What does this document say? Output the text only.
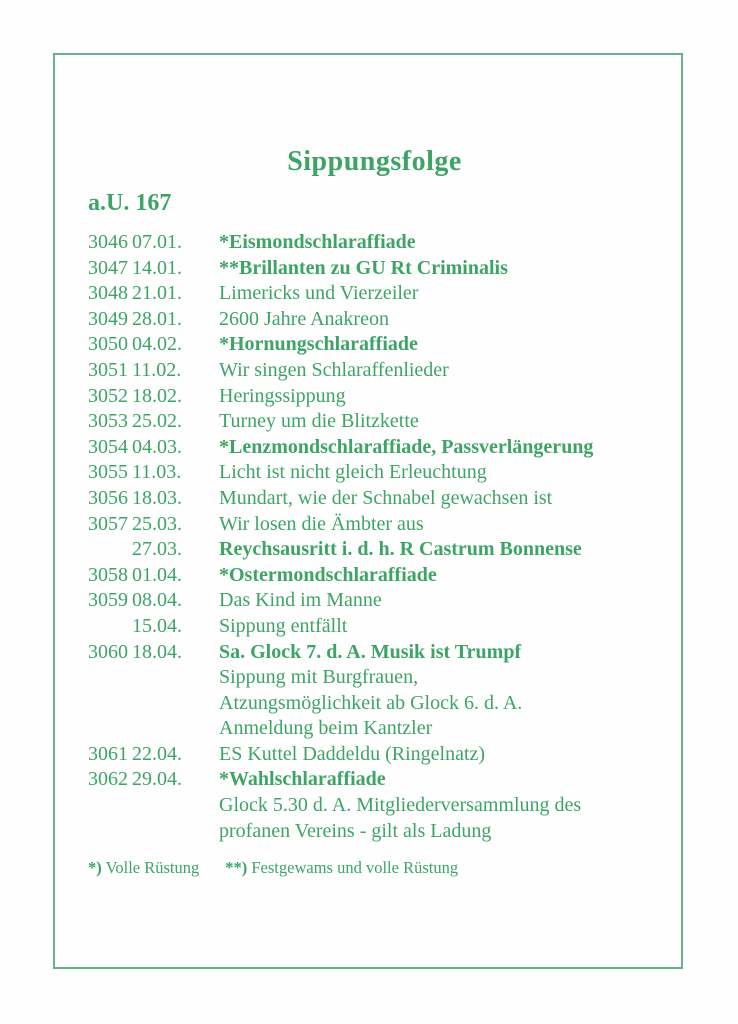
Sippungsfolge
a.U. 167
3046 07.01.	*Eismondschlaraffiade
3047 14.01.	**Brillanten zu GU Rt Criminalis
3048 21.01.	Limericks und Vierzeiler
3049 28.01.	2600 Jahre Anakreon
3050 04.02.	*Hornungschlaraffiade
3051 11.02.	Wir singen Schlaraffenlieder
3052 18.02.	Heringssippung
3053 25.02.	Turney um die Blitzkette
3054 04.03.	*Lenzmondschlaraffiade, Passverlängerung
3055 11.03.	Licht ist nicht gleich Erleuchtung
3056 18.03.	Mundart, wie der Schnabel gewachsen ist
3057 25.03.	Wir losen die Ämbter aus
27.03.	Reychsausritt i. d. h. R Castrum Bonnense
3058 01.04.	*Ostermondschlaraffiade
3059 08.04.	Das Kind im Manne
15.04.	Sippung entfällt
3060 18.04.	Sa. Glock 7. d. A. Musik ist Trumpf
Sippung mit Burgfrauen,
Atzungsmöglichkeit ab Glock 6. d. A.
Anmeldung beim Kantzler
3061 22.04.	ES Kuttel Daddeldu (Ringelnatz)
3062 29.04.	*Wahlschlaraffiade
Glock 5.30 d. A. Mitgliederversammlung des
profanen Vereins - gilt als Ladung
*) Volle Rüstung **) Festgewams und volle Rüstung
